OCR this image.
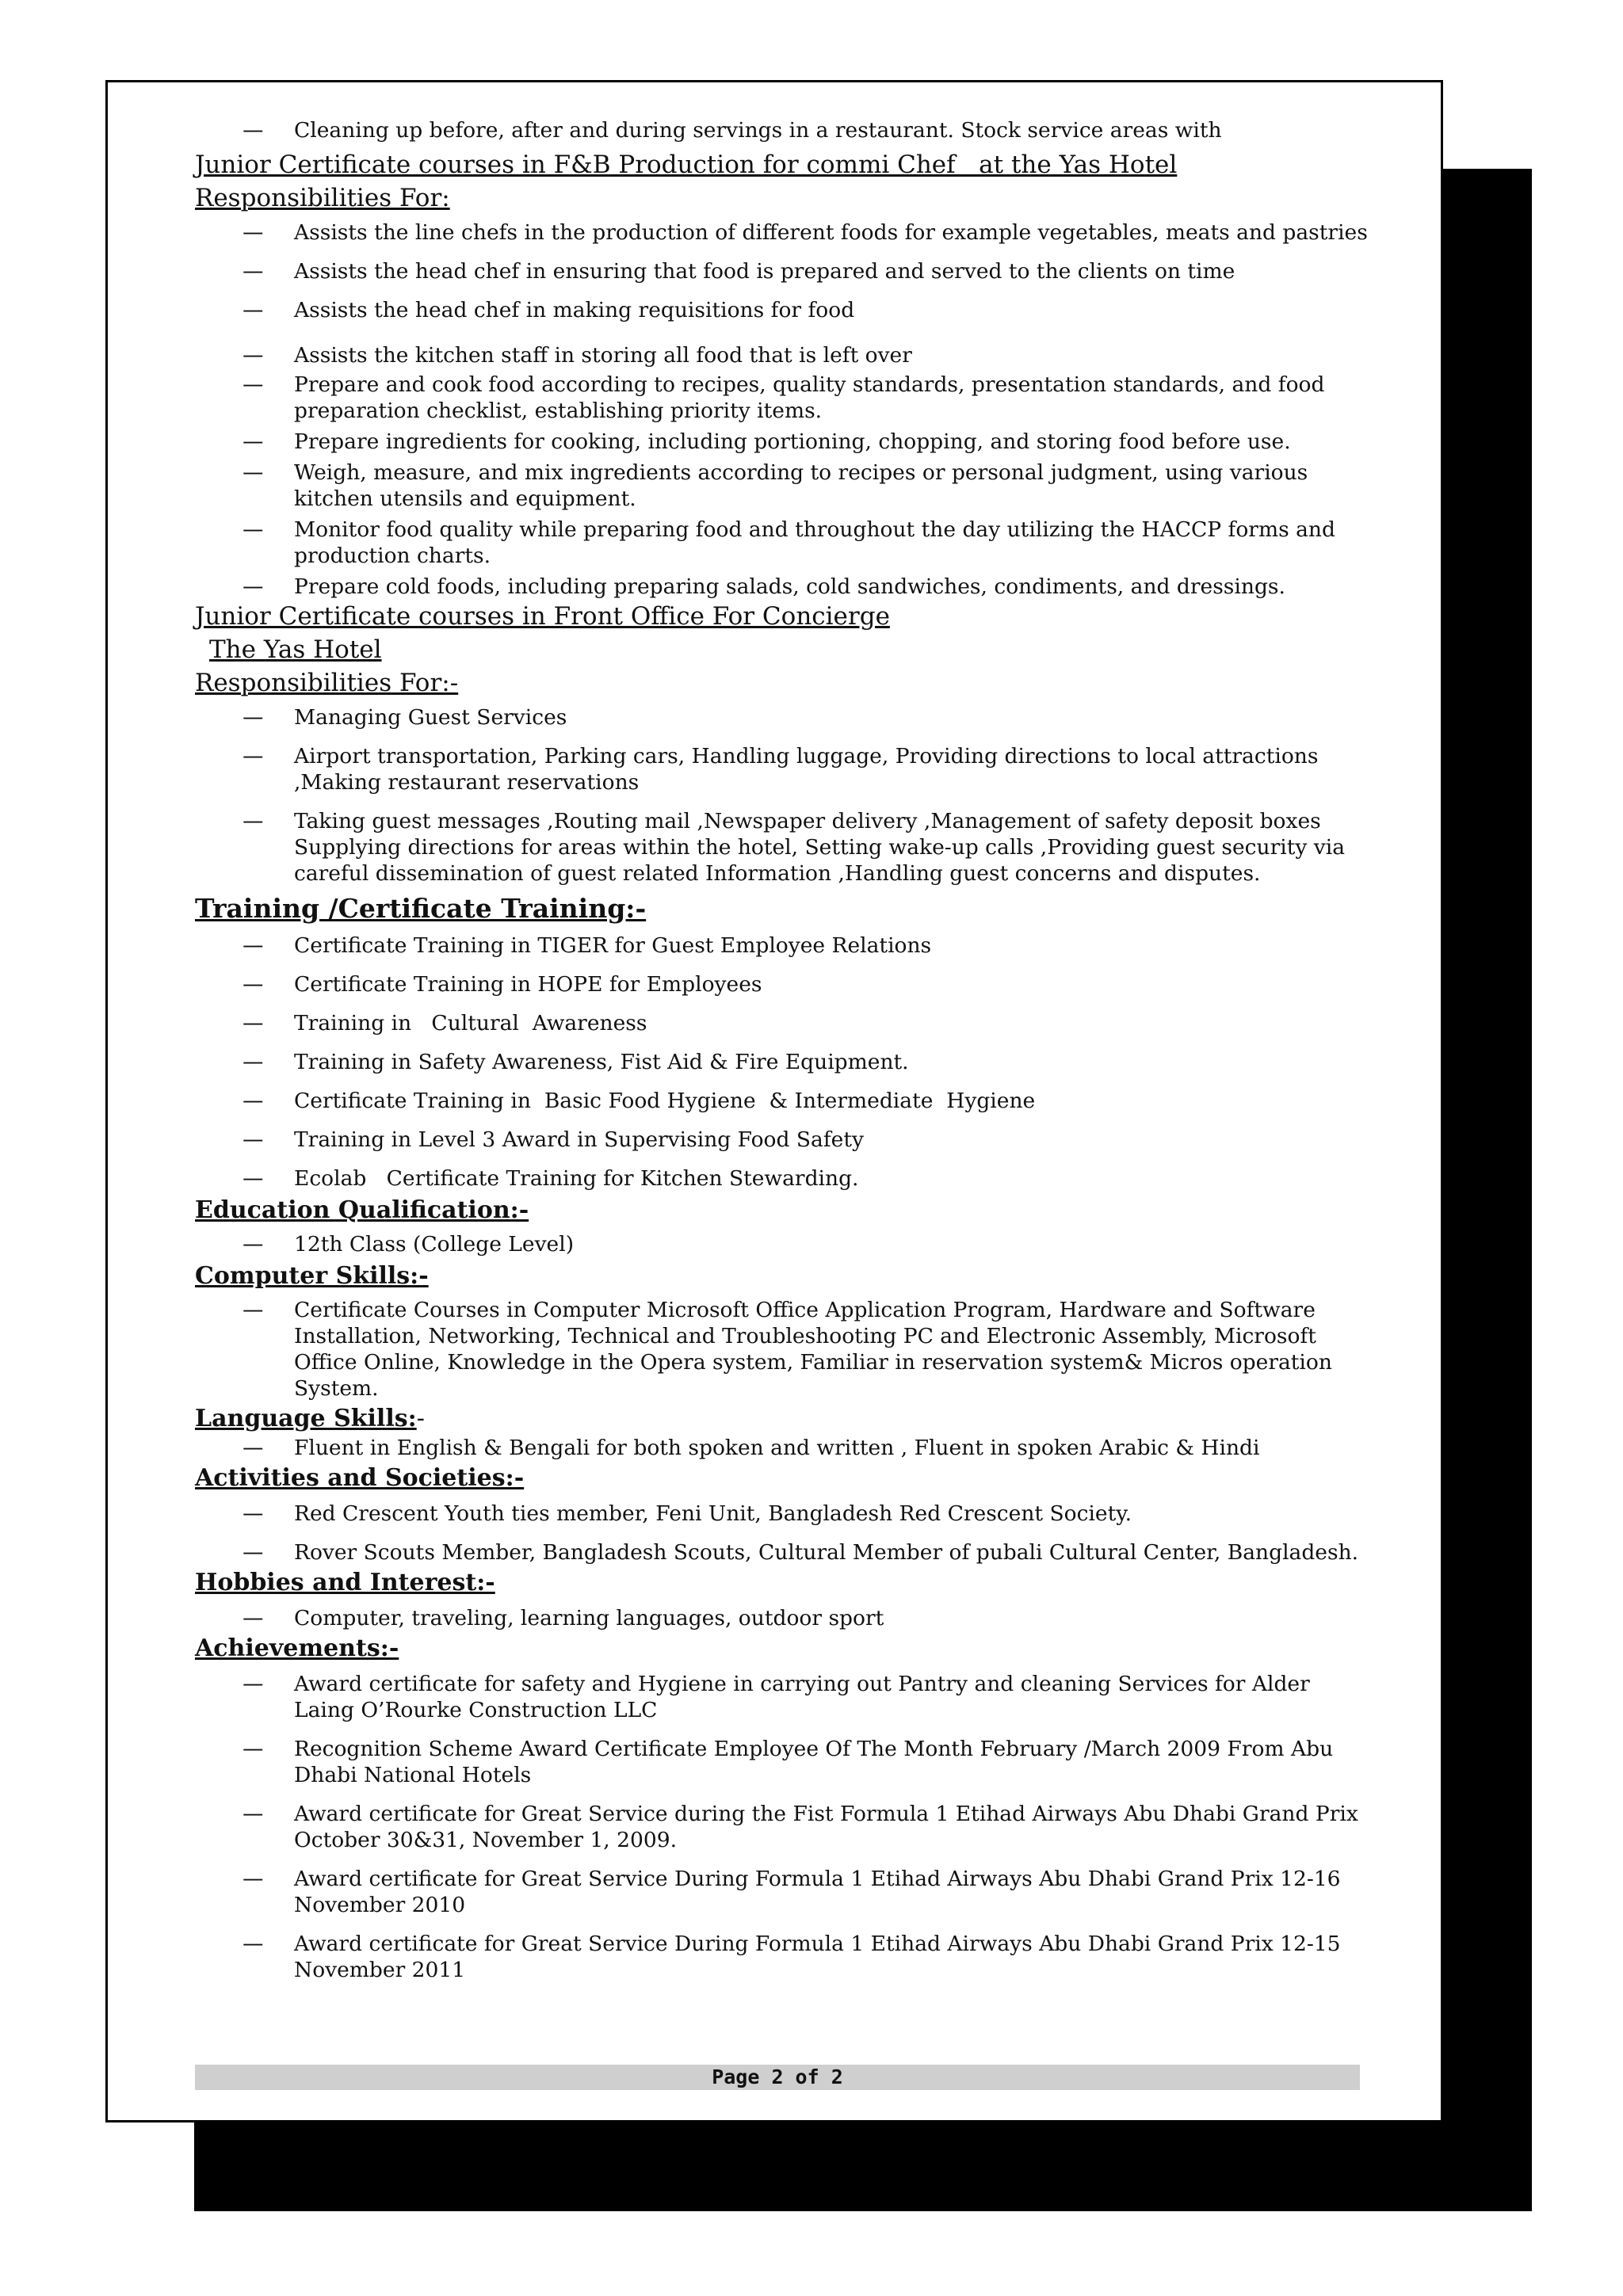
— Cleaning up before, after and during servings in a restaurant. Stock service areas with

Junior Certificate courses in F&B Production for commi Chef   at the Yas Hotel

Responsibilities For:

— Assists the line chefs in the production of different foods for example vegetables, meats and pastries

— Assists the head chef in ensuring that food is prepared and served to the clients on time

— Assists the head chef in making requisitions for food

— Assists the kitchen staff in storing all food that is left over

— Prepare and cook food according to recipes, quality standards, presentation standards, and food preparation checklist, establishing priority items.

— Prepare ingredients for cooking, including portioning, chopping, and storing food before use.

— Weigh, measure, and mix ingredients according to recipes or personal judgment, using various kitchen utensils and equipment.

— Monitor food quality while preparing food and throughout the day utilizing the HACCP forms and production charts.

— Prepare cold foods, including preparing salads, cold sandwiches, condiments, and dressings.

Junior Certificate courses in Front Office For Concierge

The Yas Hotel

Responsibilities For:-

— Managing Guest Services

— Airport transportation, Parking cars, Handling luggage, Providing directions to local attractions ,Making restaurant reservations

— Taking guest messages ,Routing mail ,Newspaper delivery ,Management of safety deposit boxes Supplying directions for areas within the hotel, Setting wake-up calls ,Providing guest security via careful dissemination of guest related Information ,Handling guest concerns and disputes.

Training /Certificate Training:-

— Certificate Training in TIGER for Guest Employee Relations

— Certificate Training in HOPE for Employees

— Training in   Cultural  Awareness

— Training in Safety Awareness, Fist Aid & Fire Equipment.

— Certificate Training in  Basic Food Hygiene  & Intermediate  Hygiene

— Training in Level 3 Award in Supervising Food Safety

— Ecolab   Certificate Training for Kitchen Stewarding.

Education Qualification:-

— 12th Class (College Level)

Computer Skills:-

— Certificate Courses in Computer Microsoft Office Application Program, Hardware and Software Installation, Networking, Technical and Troubleshooting PC and Electronic Assembly, Microsoft Office Online, Knowledge in the Opera system, Familiar in reservation system& Micros operation System.

Language Skills:-

— Fluent in English & Bengali for both spoken and written , Fluent in spoken Arabic & Hindi

Activities and Societies:-

— Red Crescent Youth ties member, Feni Unit, Bangladesh Red Crescent Society.

— Rover Scouts Member, Bangladesh Scouts, Cultural Member of pubali Cultural Center, Bangladesh.

Hobbies and Interest:-

— Computer, traveling, learning languages, outdoor sport

Achievements:-

— Award certificate for safety and Hygiene in carrying out Pantry and cleaning Services for Alder Laing O’Rourke Construction LLC

— Recognition Scheme Award Certificate Employee Of The Month February /March 2009 From Abu Dhabi National Hotels

— Award certificate for Great Service during the Fist Formula 1 Etihad Airways Abu Dhabi Grand Prix October 30&31, November 1, 2009.

— Award certificate for Great Service During Formula 1 Etihad Airways Abu Dhabi Grand Prix 12-16 November 2010

— Award certificate for Great Service During Formula 1 Etihad Airways Abu Dhabi Grand Prix 12-15 November 2011

Page 2 of 2
